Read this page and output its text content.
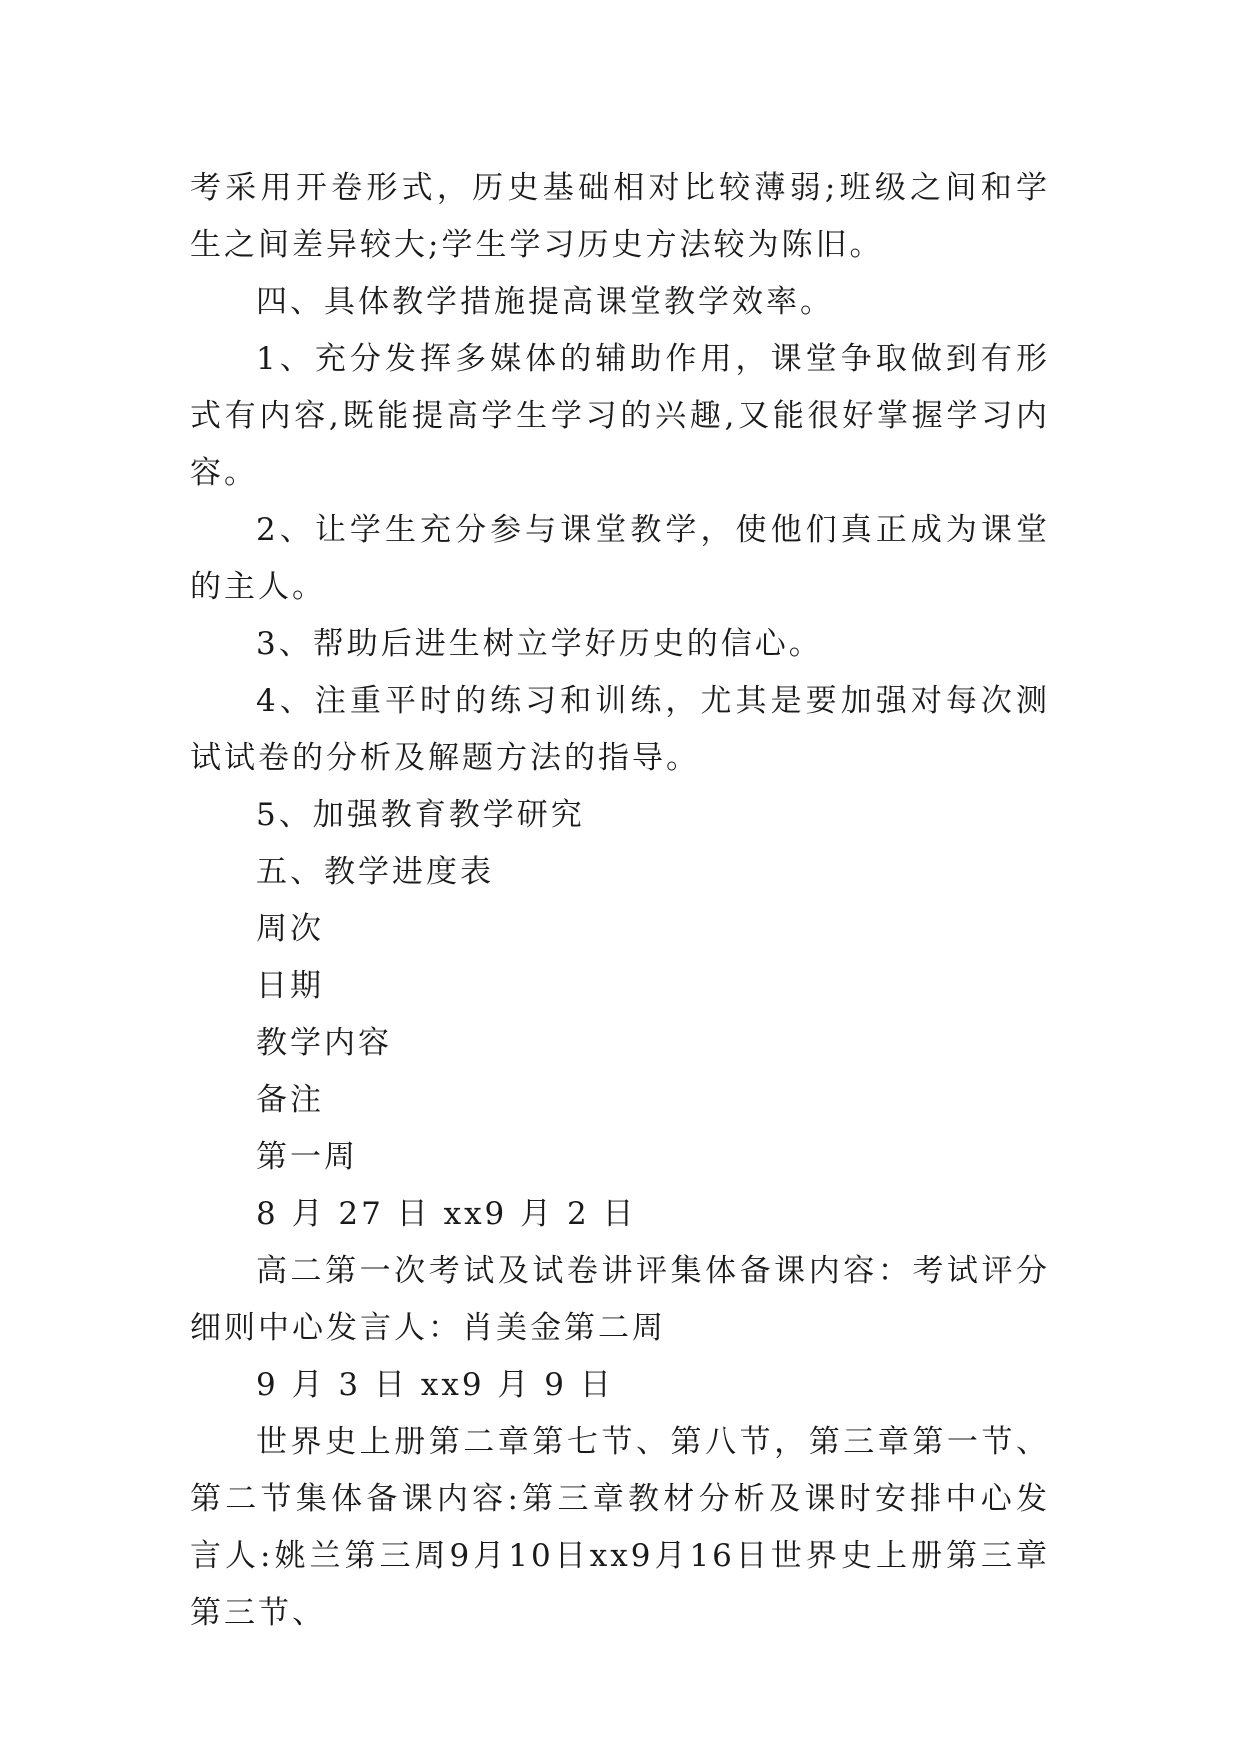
考采用开卷形式，历史基础相对比较薄弱;班级之间和学生之间差异较大;学生学习历史方法较为陈旧。

四、具体教学措施提高课堂教学效率。

1、充分发挥多媒体的辅助作用，课堂争取做到有形式有内容,既能提高学生学习的兴趣,又能很好掌握学习内容。

2、让学生充分参与课堂教学，使他们真正成为课堂的主人。

3、帮助后进生树立学好历史的信心。

4、注重平时的练习和训练，尤其是要加强对每次测试试卷的分析及解题方法的指导。

5、加强教育教学研究

五、教学进度表

周次

日期

教学内容

备注

第一周

8 月 27 日 xx9 月 2 日

高二第一次考试及试卷讲评集体备课内容：考试评分细则中心发言人：肖美金第二周

9 月 3 日 xx9 月 9 日

世界史上册第二章第七节、第八节，第三章第一节、第二节集体备课内容:第三章教材分析及课时安排中心发言人:姚兰第三周9月10日xx9月16日世界史上册第三章第三节、
